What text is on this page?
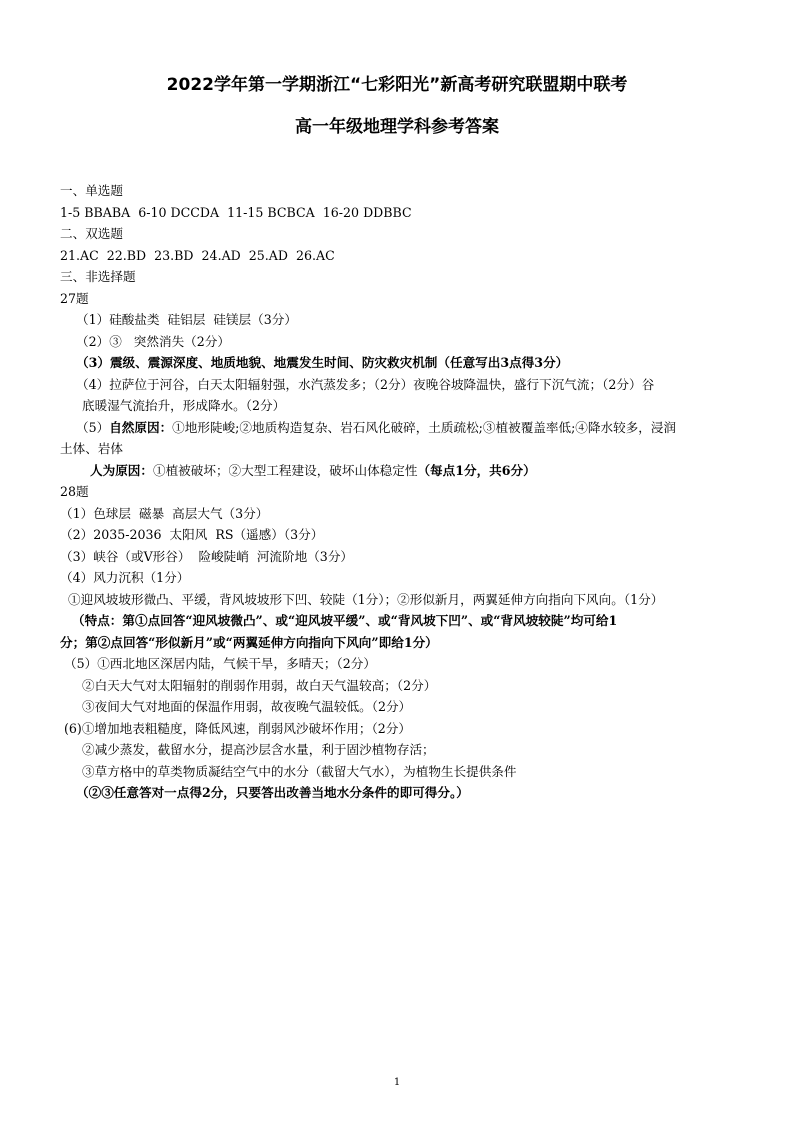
2022学年第一学期浙江“七彩阳光”新高考研究联盟期中联考
高一年级地理学科参考答案
一、单选题
1-5 BBABA  6-10 DCCDA  11-15 BCBCA  16-20 DDBBC
二、双选题
21.AC  22.BD  23.BD  24.AD  25.AD  26.AC
三、非选择题
27题
（1）硅酸盐类  硅铝层  硅镁层（3分）
（2）③   突然消失（2分）
（3）震级、震源深度、地质地貌、地震发生时间、防灾救灾机制（任意写出3点得3分）
（4）拉萨位于河谷，白天太阳辐射强，水汽蒸发多；（2分）夜晚谷坡降温快，盛行下沉气流；（2分）谷
底暖湿气流抬升，形成降水。（2分）
（5）自然原因：①地形陡峻;②地质构造复杂、岩石风化破碎，土质疏松;③植被覆盖率低;④降水较多，浸润
土体、岩体
人为原因：①植被破坏；②大型工程建设，破坏山体稳定性（每点1分，共6分）
28题
（1）色球层  磁暴  高层大气（3分）
（2）2035-2036  太阳风  RS（遥感）（3分）
（3）峡谷（或V形谷）  险峻陡峭  河流阶地（3分）
（4）风力沉积（1分）
①迎风坡坡形微凸、平缓，背风坡坡形下凹、较陡（1分）；②形似新月，两翼延伸方向指向下风向。（1分）
（特点：第①点回答“迎风坡微凸”、或“迎风坡平缓”、或“背风坡下凹”、或“背风坡较陡”均可给1
分；第②点回答“形似新月”或“两翼延伸方向指向下风向”即给1分）
（5）①西北地区深居内陆，气候干旱，多晴天；（2分）
②白天大气对太阳辐射的削弱作用弱，故白天气温较高；（2分）
③夜间大气对地面的保温作用弱，故夜晚气温较低。（2分）
(6)①增加地表粗糙度，降低风速，削弱风沙破坏作用；（2分）
②减少蒸发，截留水分，提高沙层含水量，利于固沙植物存活；
③草方格中的草类物质凝结空气中的水分（截留大气水），为植物生长提供条件
（②③任意答对一点得2分，只要答出改善当地水分条件的即可得分。）
1
